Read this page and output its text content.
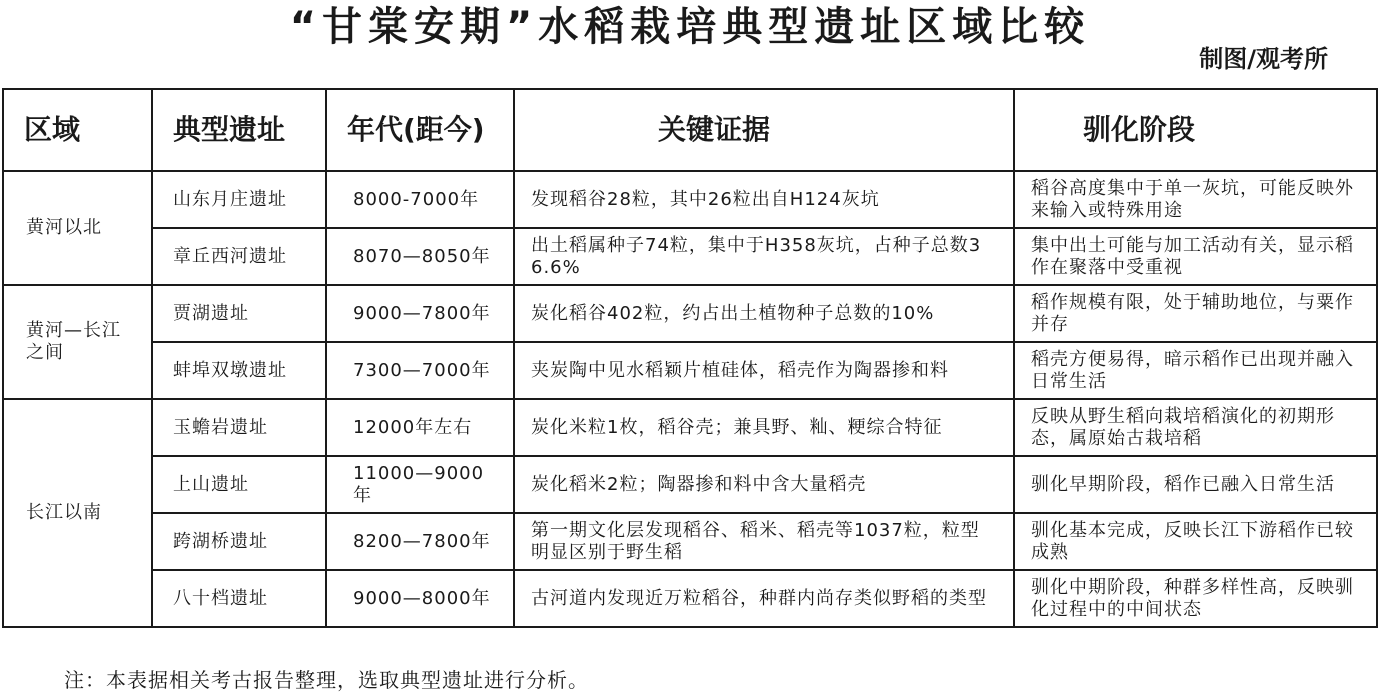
“甘棠安期”水稻栽培典型遗址区域比较
制图/观考所
区域	典型遗址	年代(距今)	关键证据	驯化阶段
黄河以北	山东月庄遗址	8000-7000年	发现稻谷28粒，其中26粒出自H124灰坑	稻谷高度集中于单一灰坑，可能反映外来输入或特殊用途
	章丘西河遗址	8070—8050年	出土稻属种子74粒，集中于H358灰坑，占种子总数36.6%	集中出土可能与加工活动有关，显示稻作在聚落中受重视
黄河—长江之间	贾湖遗址	9000—7800年	炭化稻谷402粒，约占出土植物种子总数的10%	稻作规模有限，处于辅助地位，与粟作并存
	蚌埠双墩遗址	7300—7000年	夹炭陶中见水稻颖片植硅体，稻壳作为陶器掺和料	稻壳方便易得，暗示稻作已出现并融入日常生活
长江以南	玉蟾岩遗址	12000年左右	炭化米粒1枚，稻谷壳；兼具野、籼、粳综合特征	反映从野生稻向栽培稻演化的初期形态，属原始古栽培稻
	上山遗址	11000—9000年	炭化稻米2粒；陶器掺和料中含大量稻壳	驯化早期阶段，稻作已融入日常生活
	跨湖桥遗址	8200—7800年	第一期文化层发现稻谷、稻米、稻壳等1037粒，粒型明显区别于野生稻	驯化基本完成，反映长江下游稻作已较成熟
	八十档遗址	9000—8000年	古河道内发现近万粒稻谷，种群内尚存类似野稻的类型	驯化中期阶段，种群多样性高，反映驯化过程中的中间状态
注：本表据相关考古报告整理，选取典型遗址进行分析。
